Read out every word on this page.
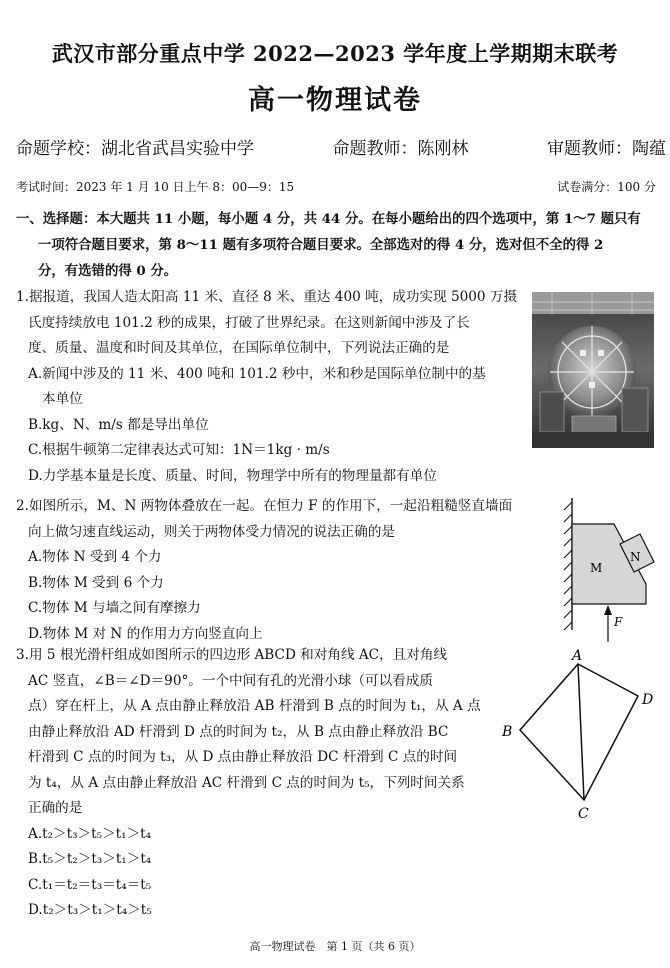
武汉市部分重点中学 2022—2023 学年度上学期期末联考
高一物理试卷
命题学校：湖北省武昌实验中学	命题教师：陈刚林	审题教师：陶蕴
考试时间：2023 年 1 月 10 日上午 8：00—9：15	试卷满分：100 分
一、选择题：本大题共 11 小题，每小题 4 分，共 44 分。在每小题给出的四个选项中，第 1～7 题只有
一项符合题目要求，第 8～11 题有多项符合题目要求。全部选对的得 4 分，选对但不全的得 2
分，有选错的得 0 分。
1.据报道，我国人造太阳高 11 米、直径 8 米、重达 400 吨，成功实现 5000 万摄
氏度持续放电 101.2 秒的成果，打破了世界纪录。在这则新闻中涉及了长
度、质量、温度和时间及其单位，在国际单位制中，下列说法正确的是
A.新闻中涉及的 11 米、400 吨和 101.2 秒中，米和秒是国际单位制中的基
本单位
B.kg、N、m/s 都是导出单位
C.根据牛顿第二定律表达式可知：1N＝1kg · m/s
D.力学基本量是长度、质量、时间，物理学中所有的物理量都有单位
2.如图所示，M、N 两物体叠放在一起。在恒力 F 的作用下，一起沿粗糙竖直墙面
向上做匀速直线运动，则关于两物体受力情况的说法正确的是
A.物体 N 受到 4 个力
B.物体 M 受到 6 个力
C.物体 M 与墙之间有摩擦力
D.物体 M 对 N 的作用力方向竖直向上
M
N
F
3.用 5 根光滑杆组成如图所示的四边形 ABCD 和对角线 AC，且对角线
AC 竖直，∠B＝∠D＝90°。一个中间有孔的光滑小球（可以看成质
点）穿在杆上，从 A 点由静止释放沿 AB 杆滑到 B 点的时间为 t₁，从 A 点
由静止释放沿 AD 杆滑到 D 点的时间为 t₂，从 B 点由静止释放沿 BC
杆滑到 C 点的时间为 t₃，从 D 点由静止释放沿 DC 杆滑到 C 点的时间
为 t₄，从 A 点由静止释放沿 AC 杆滑到 C 点的时间为 t₅，下列时间关系
正确的是
A.t₂＞t₃＞t₅＞t₁＞t₄
B.t₅＞t₂＞t₃＞t₁＞t₄
C.t₁＝t₂＝t₃＝t₄＝t₅
D.t₂＞t₃＞t₁＞t₄＞t₅
A
B
C
D
高一物理试卷　第 1 页（共 6 页）
